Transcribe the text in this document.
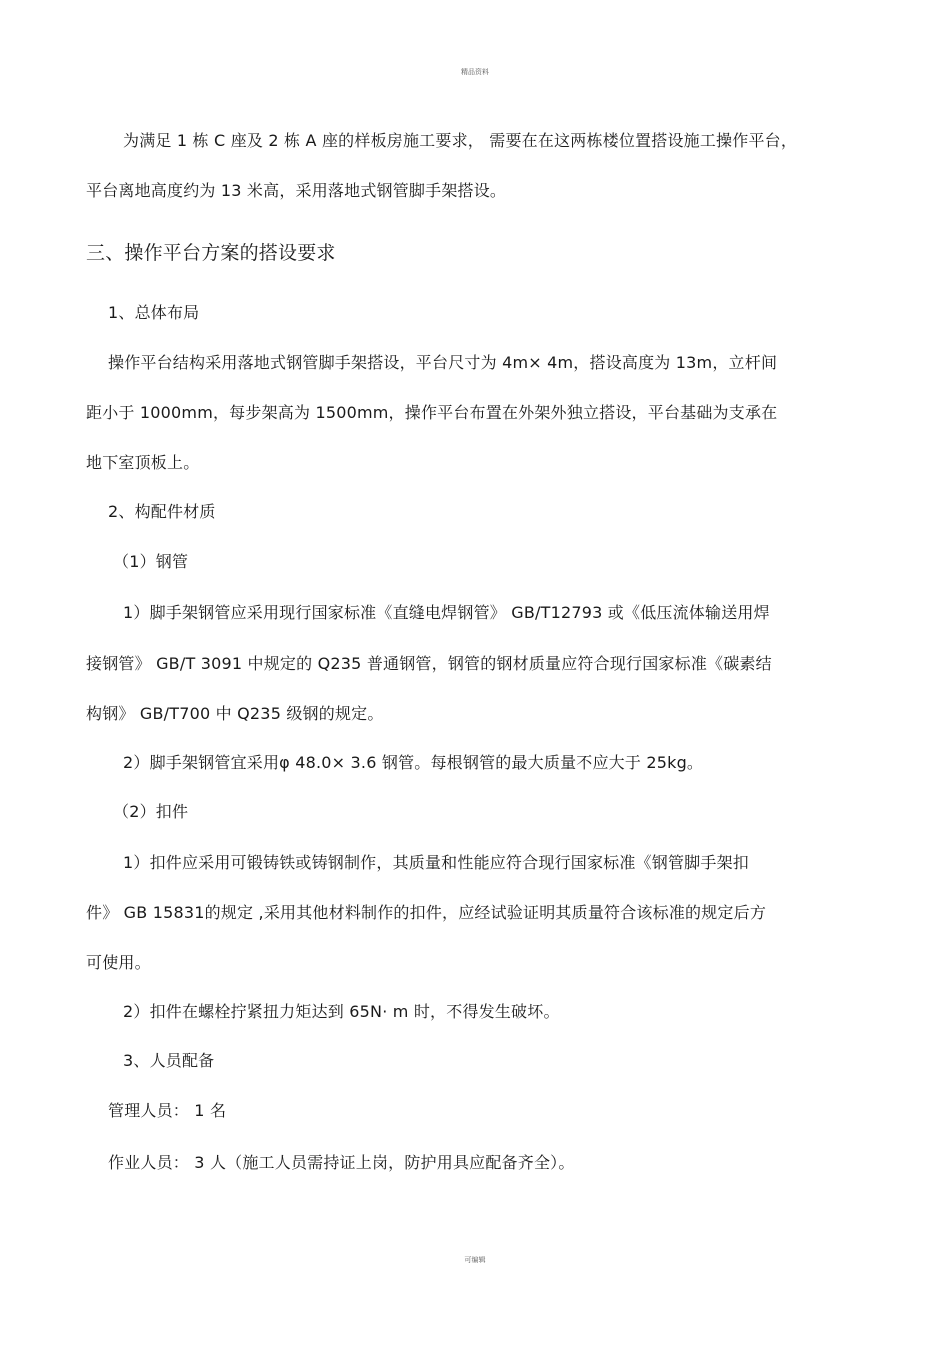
精品资料
为满足 1 栋 C 座及 2 栋 A 座的样板房施工要求， 需要在在这两栋楼位置搭设施工操作平台，
平台离地高度约为 13 米高，采用落地式钢管脚手架搭设。
三、操作平台方案的搭设要求
1、总体布局
操作平台结构采用落地式钢管脚手架搭设，平台尺寸为 4m× 4m，搭设高度为 13m，立杆间
距小于 1000mm，每步架高为 1500mm，操作平台布置在外架外独立搭设，平台基础为支承在
地下室顶板上。
2、构配件材质
（1）钢管
1）脚手架钢管应采用现行国家标准《直缝电焊钢管》 GB/T12793 或《低压流体输送用焊
接钢管》 GB/T 3091 中规定的 Q235 普通钢管，钢管的钢材质量应符合现行国家标准《碳素结
构钢》 GB/T700 中 Q235 级钢的规定。
2）脚手架钢管宜采用φ 48.0× 3.6 钢管。每根钢管的最大质量不应大于 25kg。
（2）扣件
1）扣件应采用可锻铸铁或铸钢制作，其质量和性能应符合现行国家标准《钢管脚手架扣
件》 GB 15831的规定 ,采用其他材料制作的扣件，应经试验证明其质量符合该标准的规定后方
可使用。
2）扣件在螺栓拧紧扭力矩达到 65N· m 时，不得发生破坏。
3、人员配备
管理人员： 1 名
作业人员： 3 人（施工人员需持证上岗，防护用具应配备齐全）。
可编辑
